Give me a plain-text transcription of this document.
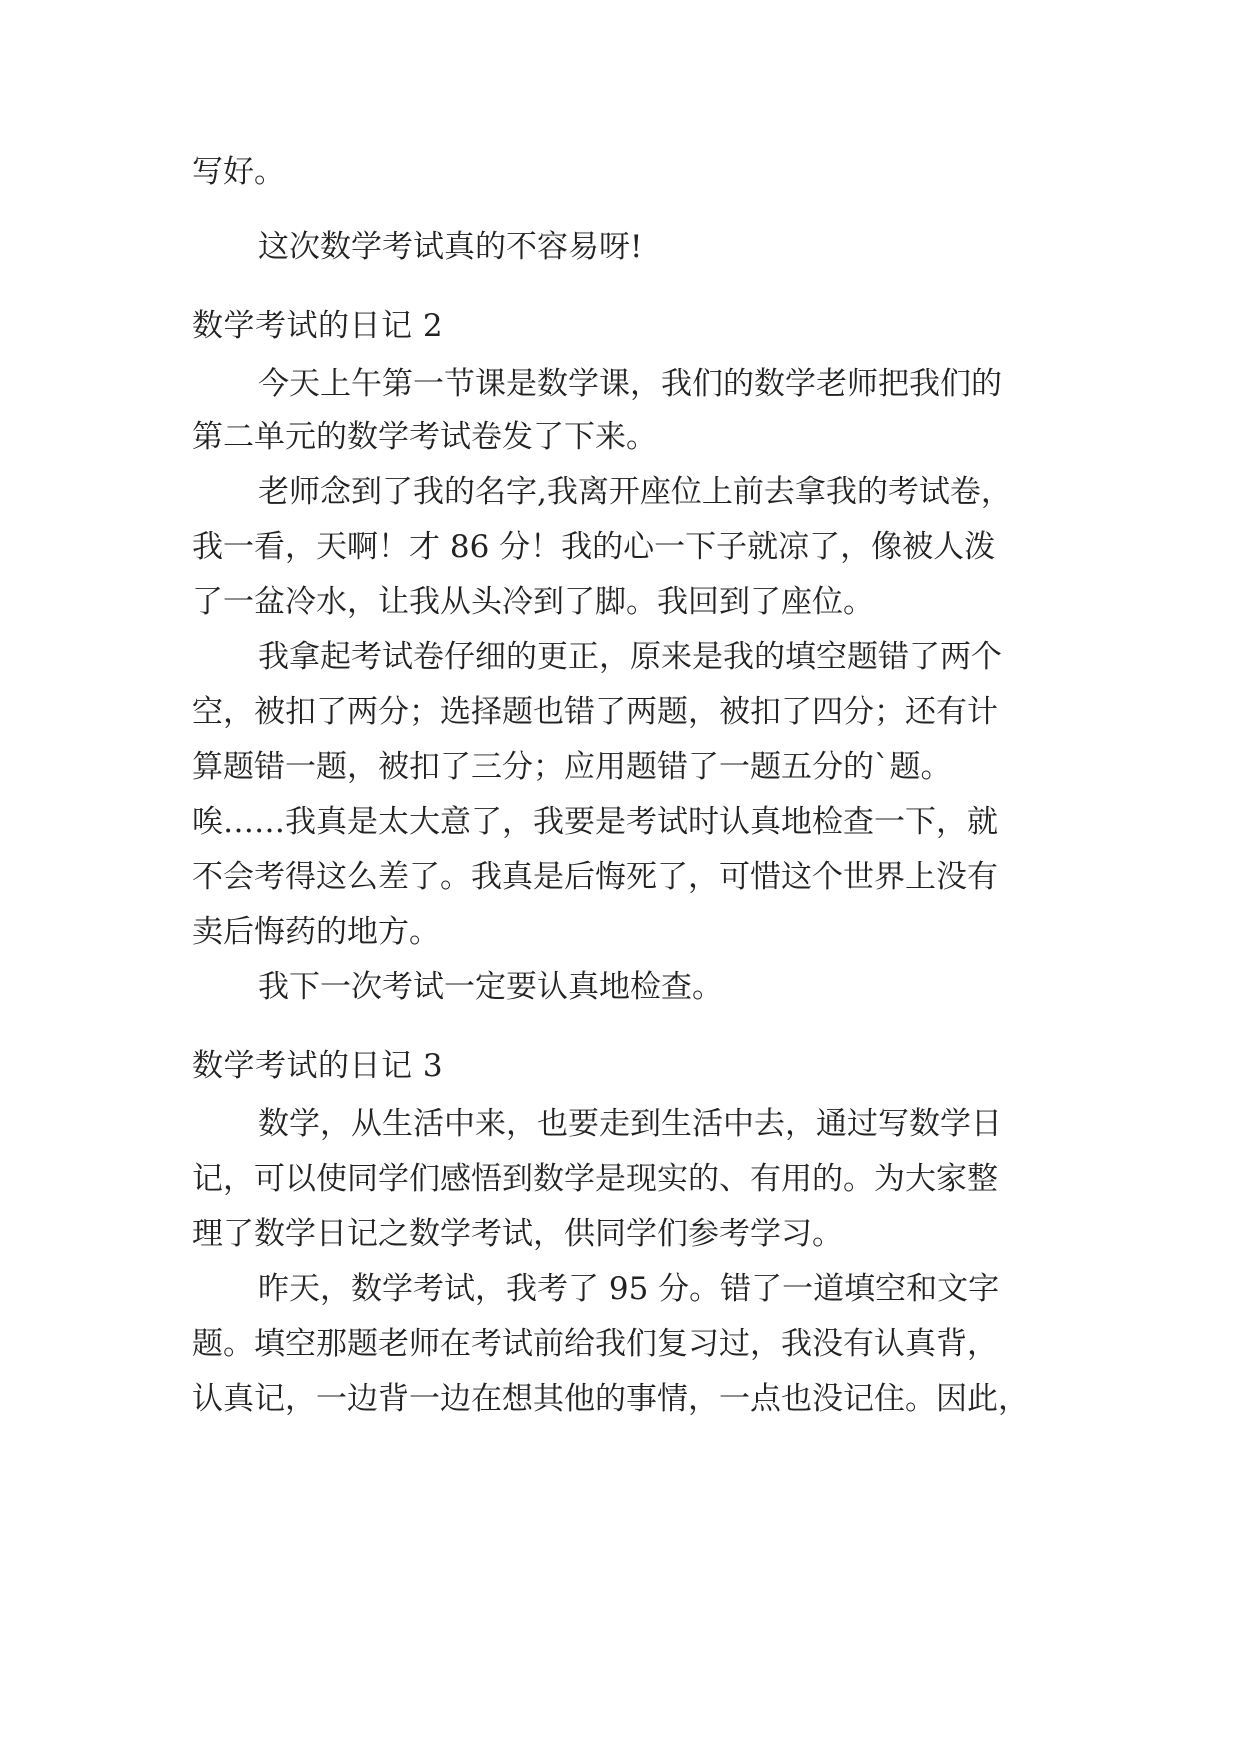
写好。
这次数学考试真的不容易呀!
数学考试的日记 2
今天上午第一节课是数学课，我们的数学老师把我们的
第二单元的数学考试卷发了下来。
老师念到了我的名字,我离开座位上前去拿我的考试卷，
我一看，天啊！才 86 分！我的心一下子就凉了，像被人泼
了一盆冷水，让我从头冷到了脚。我回到了座位。
我拿起考试卷仔细的更正，原来是我的填空题错了两个
空，被扣了两分；选择题也错了两题，被扣了四分；还有计
算题错一题，被扣了三分；应用题错了一题五分的`题。
唉……我真是太大意了，我要是考试时认真地检查一下，就
不会考得这么差了。我真是后悔死了，可惜这个世界上没有
卖后悔药的地方。
我下一次考试一定要认真地检查。
数学考试的日记 3
数学，从生活中来，也要走到生活中去，通过写数学日
记，可以使同学们感悟到数学是现实的、有用的。为大家整
理了数学日记之数学考试，供同学们参考学习。
昨天，数学考试，我考了 95 分。错了一道填空和文字
题。填空那题老师在考试前给我们复习过，我没有认真背，
认真记，一边背一边在想其他的事情，一点也没记住。因此，
